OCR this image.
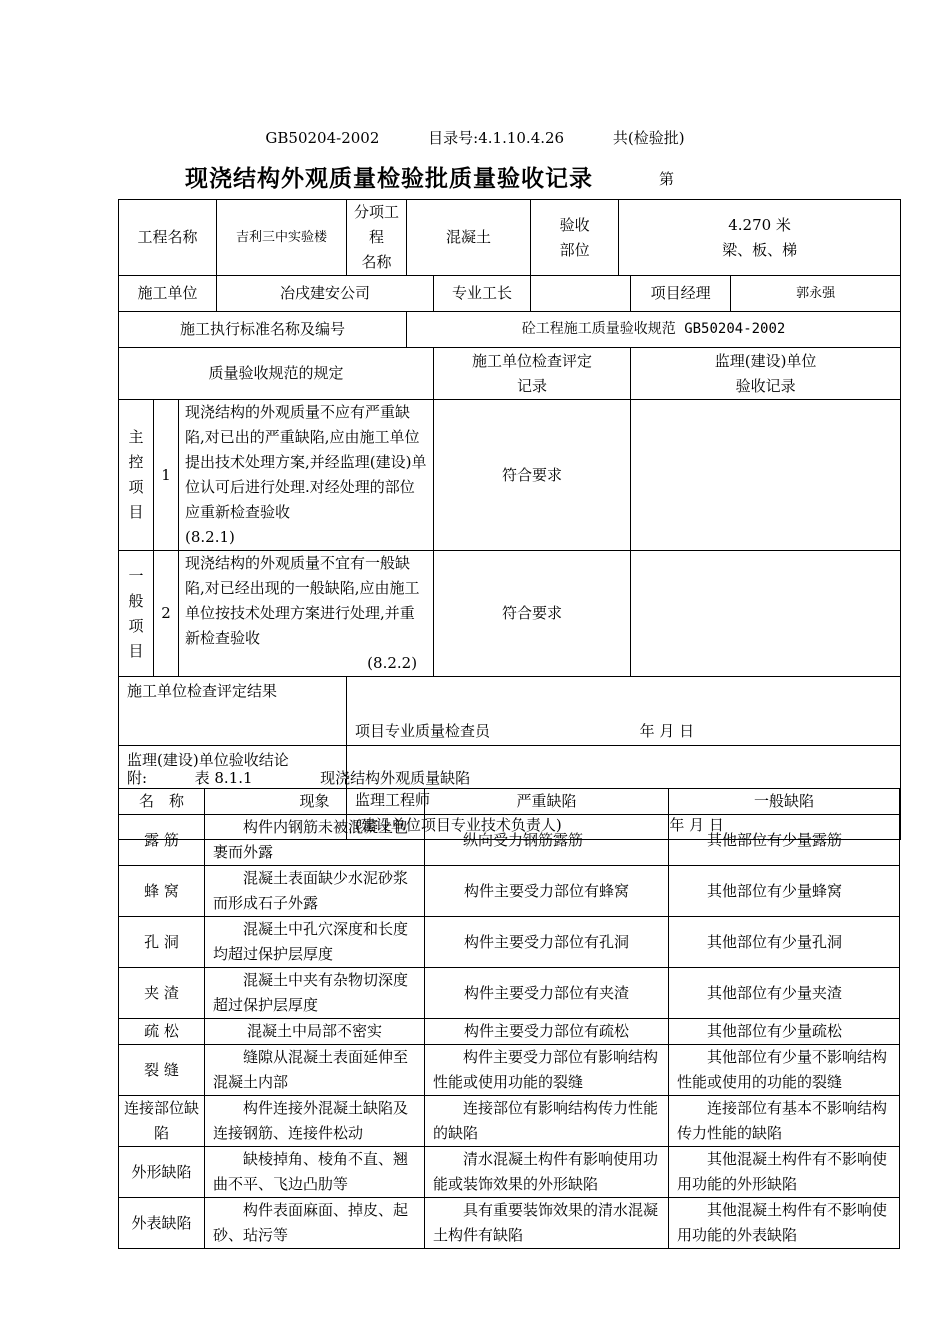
GB50204-2002	目录号:4.1.10.4.26	共(检验批)
现浇结构外观质量检验批质量验收记录	第
工程名称			吉利三中实验楼	分项工程
名称	混凝土		验收
部位	4.270 米
梁、板、梯		
施工单位			冶戌建安公司			专业工长			项目经理	郭永强
施工执行标准名称及编号					砼工程施工质量验收规范 GB50204-2002					
质量验收规范的规定						施工单位检查评定
记录			监理(建设)单位
验收记录	
主
控
项
目	1	现浇结构的外观质量不应有严重缺陷,对已出的严重缺陷,应由施工单位提出技术处理方案,并经监理(建设)单位认可后进行处理.对经处理的部位应重新检查验收
(8.2.1)				符合要求				
一
般
项
目	2	现浇结构的外观质量不宜有一般缺陷,对已经出现的一般缺陷,应由施工单位按技术处理方案进行处理,并重新检查验收
(8.2.2)				符合要求				
施工单位检查评定结果				项目专业质量检查员 年 月 日						
监理(建设)单位验收结论				监理工程师
(建设单位项目专业技术负责人) 年 月 日						
附:	表 8.1.1	现浇结构外观质量缺陷
名　称	现象	严重缺陷	一般缺陷
露 筋	构件内钢筋未被混凝土包裹而外露	纵向受力钢筋露筋	其他部位有少量露筋
蜂 窝	混凝土表面缺少水泥砂浆而形成石子外露	构件主要受力部位有蜂窝	其他部位有少量蜂窝
孔 洞	混凝土中孔穴深度和长度均超过保护层厚度	构件主要受力部位有孔洞	其他部位有少量孔洞
夹 渣	混凝土中夹有杂物切深度超过保护层厚度	构件主要受力部位有夹渣	其他部位有少量夹渣
疏 松	混凝土中局部不密实	构件主要受力部位有疏松	其他部位有少量疏松
裂 缝	缝隙从混凝土表面延伸至混凝土内部	构件主要受力部位有影响结构性能或使用功能的裂缝	其他部位有少量不影响结构性能或使用的功能的裂缝
连接部位缺 陷	构件连接外混凝土缺陷及连接钢筋、连接件松动	连接部位有影响结构传力性能的缺陷	连接部位有基本不影响结构传力性能的缺陷
外形缺陷	缺棱掉角、棱角不直、翘曲不平、飞边凸肋等	清水混凝土构件有影响使用功能或装饰效果的外形缺陷	其他混凝土构件有不影响使用功能的外形缺陷
外表缺陷	构件表面麻面、掉皮、起砂、玷污等	具有重要装饰效果的清水混凝土构件有缺陷	其他混凝土构件有不影响使用功能的外表缺陷
